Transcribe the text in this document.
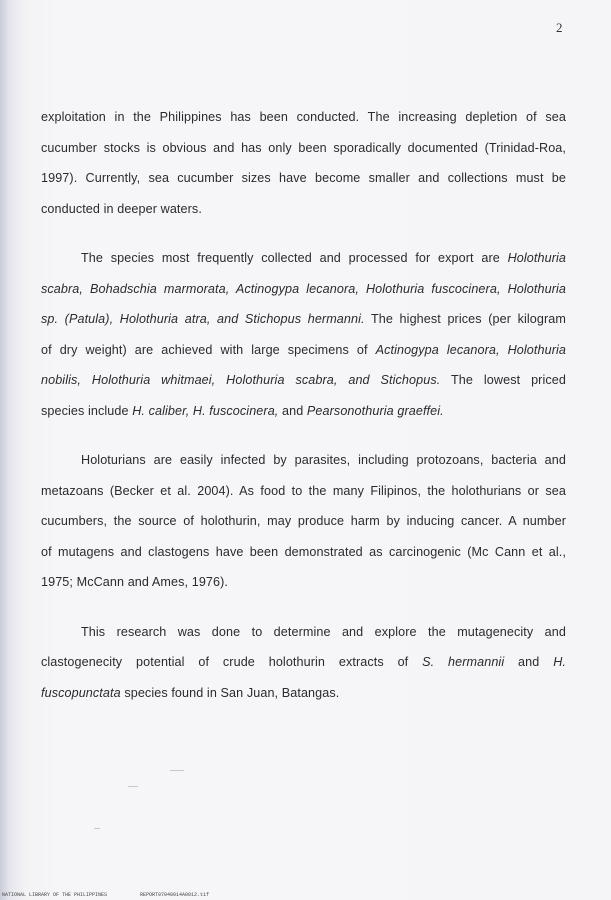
2
exploitation in the Philippines has been conducted. The increasing depletion of sea
cucumber stocks is obvious and has only been sporadically documented (Trinidad-Roa,
1997). Currently, sea cucumber sizes have become smaller and collections must be
conducted in deeper waters.
The species most frequently collected and processed for export are Holothuria
scabra, Bohadschia marmorata, Actinogypa lecanora, Holothuria fuscocinera, Holothuria
sp. (Patula), Holothuria atra, and Stichopus hermanni. The highest prices (per kilogram
of dry weight) are achieved with large specimens of Actinogypa lecanora, Holothuria
nobilis, Holothuria whitmaei, Holothuria scabra, and Stichopus. The lowest priced
species include H. caliber, H. fuscocinera, and Pearsonothuria graeffei.
Holoturians are easily infected by parasites, including protozoans, bacteria and
metazoans (Becker et al. 2004). As food to the many Filipinos, the holothurians or sea
cucumbers, the source of holothurin, may produce harm by inducing cancer. A number
of mutagens and clastogens have been demonstrated as carcinogenic (Mc Cann et al.,
1975; McCann and Ames, 1976).
This research was done to determine and explore the mutagenecity and
clastogenecity potential of crude holothurin extracts of S. hermannii and H.
fuscopunctata species found in San Juan, Batangas.
NATIONAL LIBRARY OF THE PHILIPPINES	REPORT07040014A0012.tif
